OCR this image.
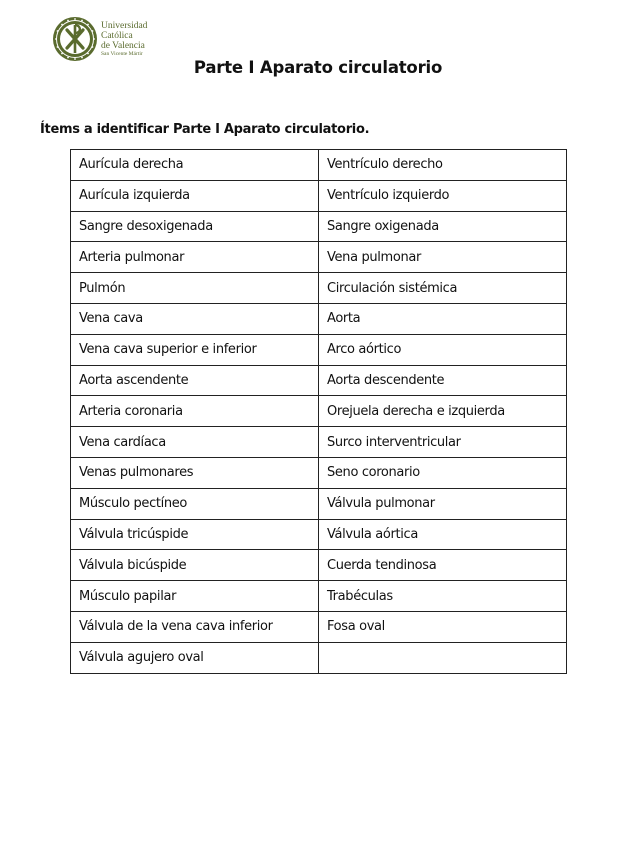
Universidad
Católica
de Valencia
San Vicente Mártir
Parte I Aparato circulatorio
Ítems a identificar Parte I Aparato circulatorio.
Aurícula derecha	Ventrículo derecho
Aurícula izquierda	Ventrículo izquierdo
Sangre desoxigenada	Sangre oxigenada
Arteria pulmonar	Vena pulmonar
Pulmón	Circulación sistémica
Vena cava	Aorta
Vena cava superior e inferior	Arco aórtico
Aorta ascendente	Aorta descendente
Arteria coronaria	Orejuela derecha e izquierda
Vena cardíaca	Surco interventricular
Venas pulmonares	Seno coronario
Músculo pectíneo	Válvula pulmonar
Válvula tricúspide	Válvula aórtica
Válvula bicúspide	Cuerda tendinosa
Músculo papilar	Trabéculas
Válvula de la vena cava inferior	Fosa oval
Válvula agujero oval	
